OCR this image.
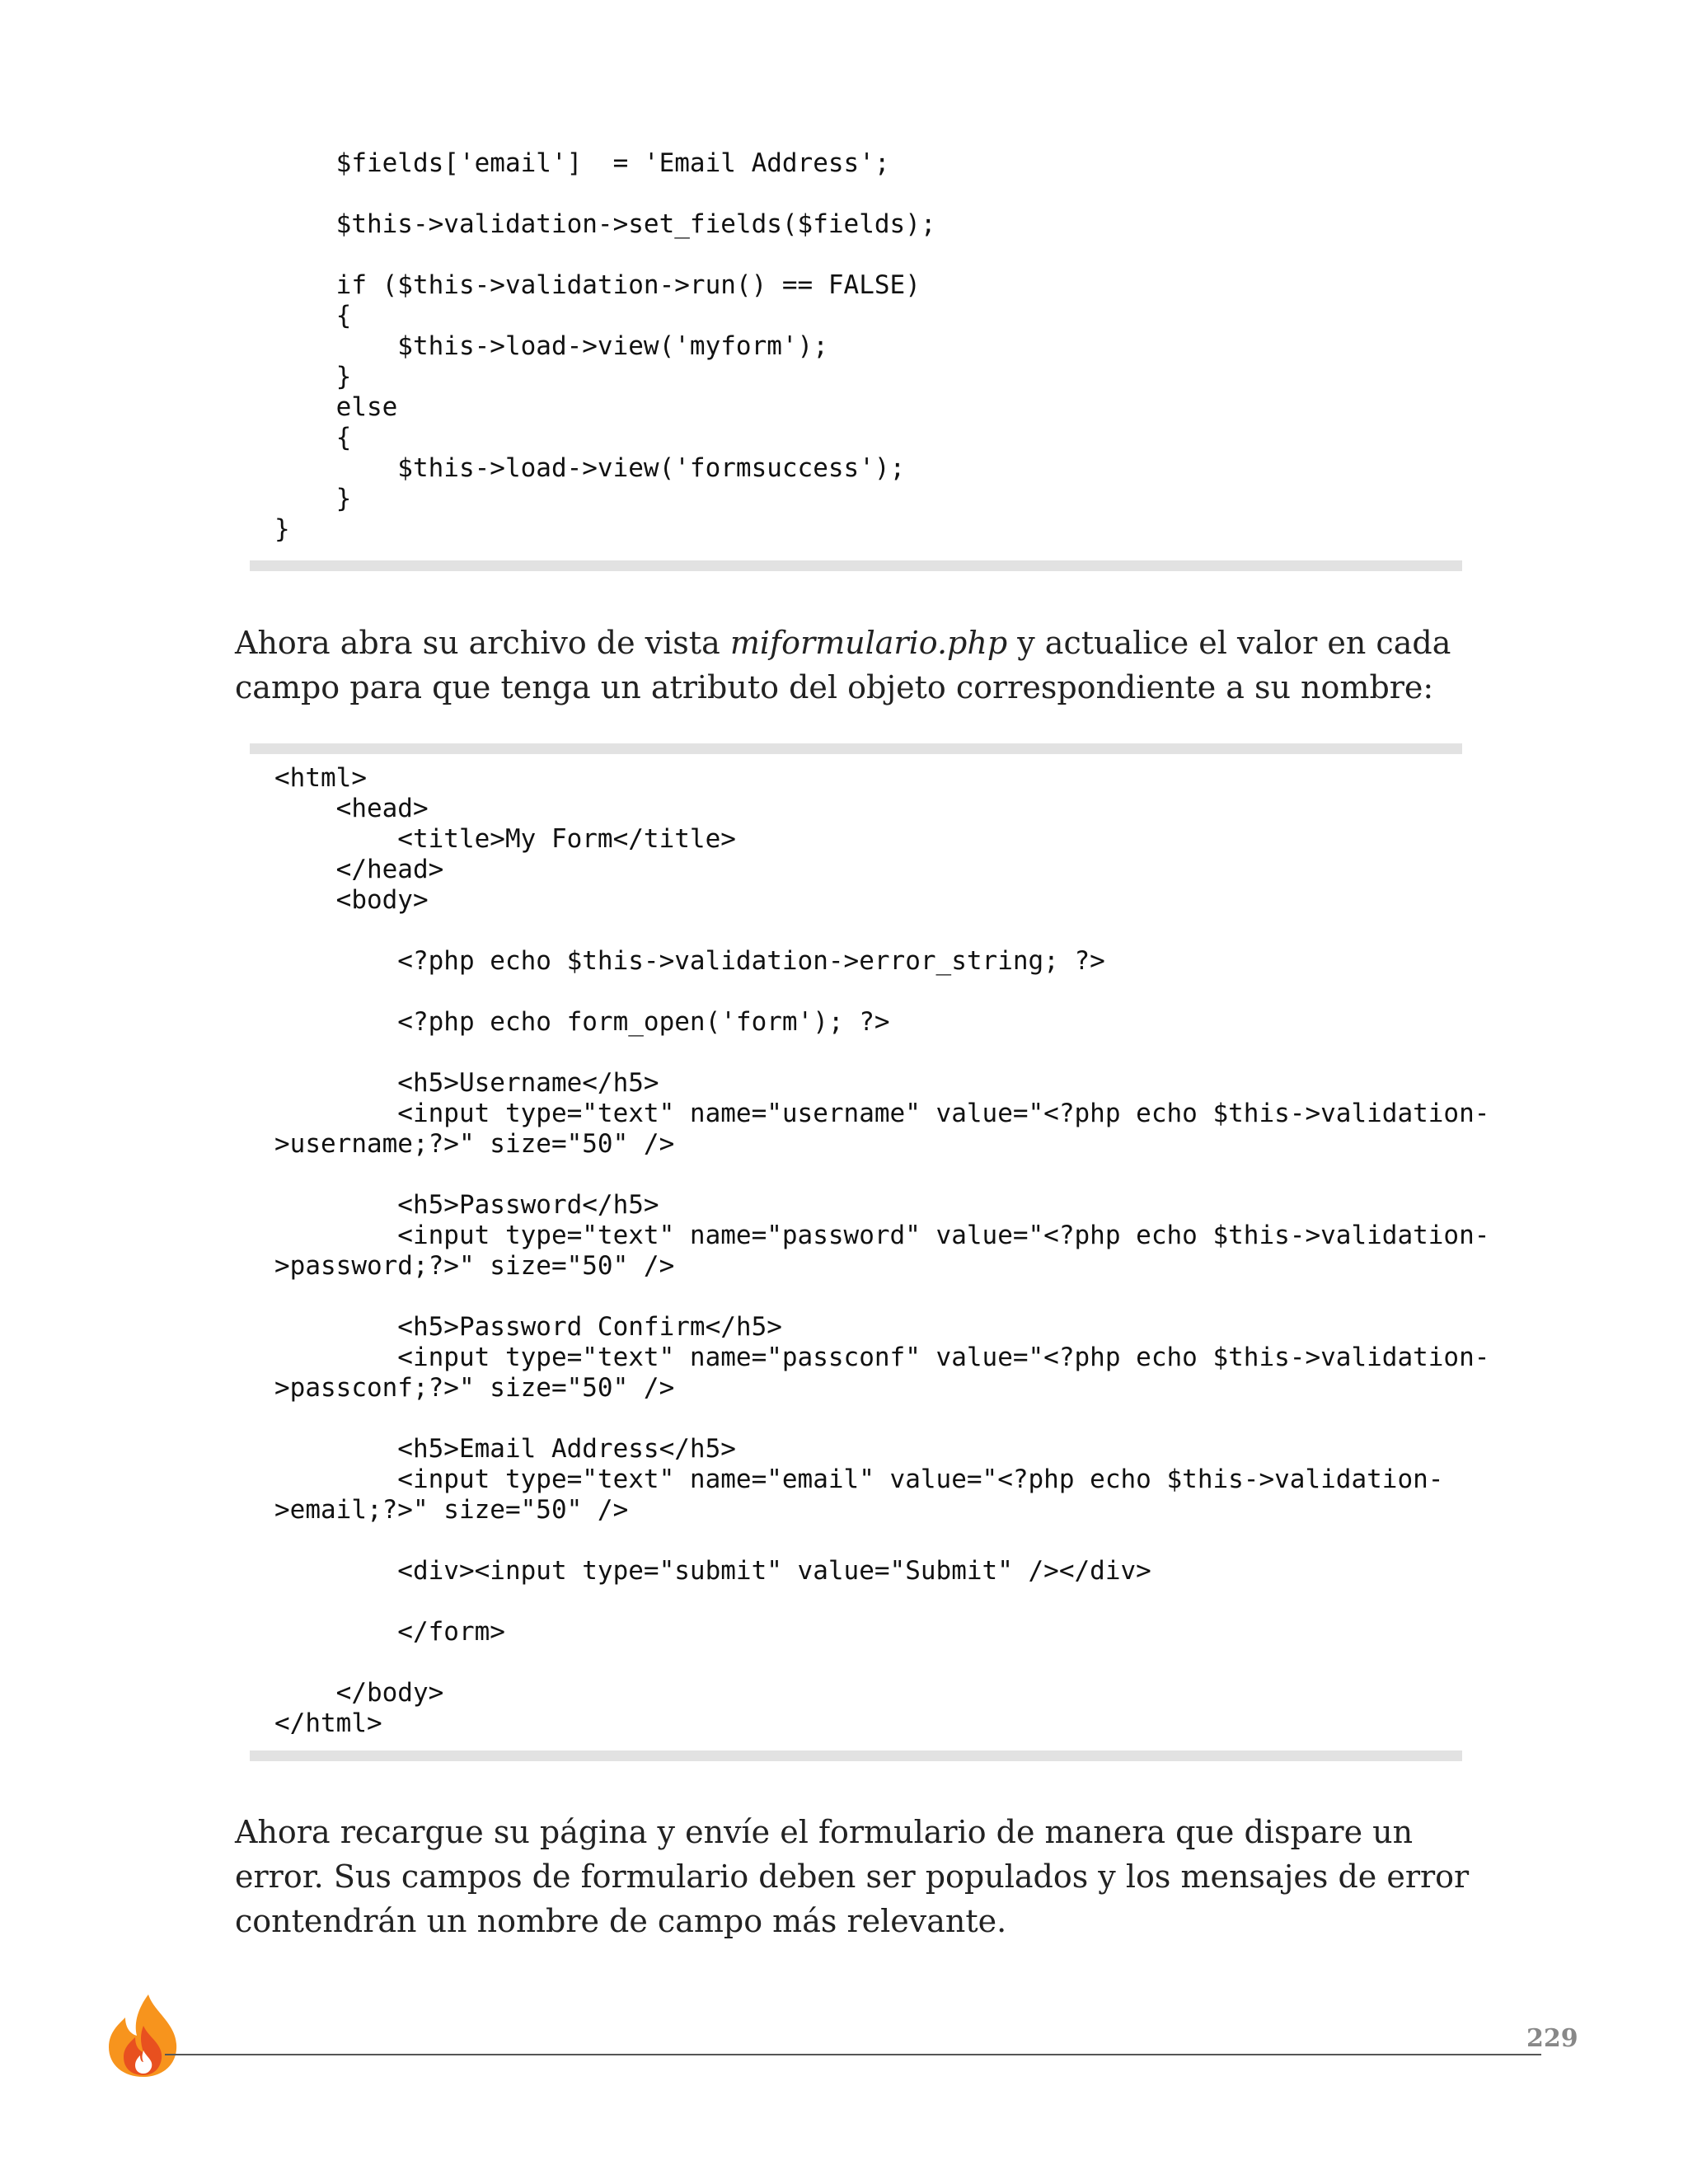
$fields['email']  = 'Email Address';
$this->validation->set_fields($fields);
if ($this->validation->run() == FALSE)
{
$this->load->view('myform');
}
else
{
$this->load->view('formsuccess');
}
}

Ahora abra su archivo de vista miformulario.php y actualice el valor en cada campo para que tenga un atributo del objeto correspondiente a su nombre:

<html>
<head>
<title>My Form</title>
</head>
<body>
<?php echo $this->validation->error_string; ?>
<?php echo form_open('form'); ?>
<h5>Username</h5>
<input type="text" name="username" value="<?php echo $this->validation-
>username;?>" size="50" />
<h5>Password</h5>
<input type="text" name="password" value="<?php echo $this->validation-
>password;?>" size="50" />
<h5>Password Confirm</h5>
<input type="text" name="passconf" value="<?php echo $this->validation-
>passconf;?>" size="50" />
<h5>Email Address</h5>
<input type="text" name="email" value="<?php echo $this->validation-
>email;?>" size="50" />
<div><input type="submit" value="Submit" /></div>
</form>
</body>
</html>

Ahora recargue su página y envíe el formulario de manera que dispare un error. Sus campos de formulario deben ser populados y los mensajes de error contendrán un nombre de campo más relevante.

229
